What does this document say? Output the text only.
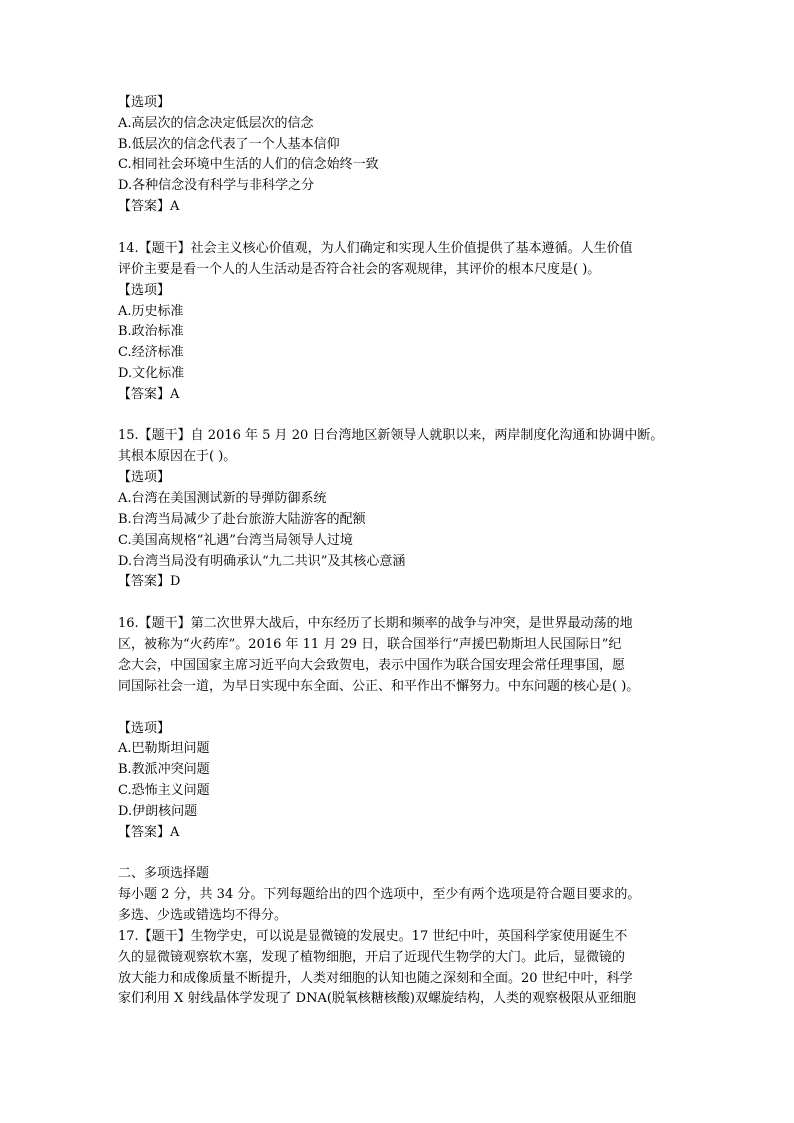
【选项】
A.高层次的信念决定低层次的信念
B.低层次的信念代表了一个人基本信仰
C.相同社会环境中生活的人们的信念始终一致
D.各种信念没有科学与非科学之分
【答案】A
14.【题干】社会主义核心价值观，为人们确定和实现人生价值提供了基本遵循。人生价值
评价主要是看一个人的人生活动是否符合社会的客观规律，其评价的根本尺度是( )。
【选项】
A.历史标准
B.政治标准
C.经济标准
D.文化标准
【答案】A
15.【题干】自 2016 年 5 月 20 日台湾地区新领导人就职以来，两岸制度化沟通和协调中断。
其根本原因在于( )。
【选项】
A.台湾在美国测试新的导弹防御系统
B.台湾当局减少了赴台旅游大陆游客的配额
C.美国高规格“礼遇”台湾当局领导人过境
D.台湾当局没有明确承认“九二共识”及其核心意涵
【答案】D
16.【题干】第二次世界大战后，中东经历了长期和频率的战争与冲突，是世界最动荡的地
区，被称为“火药库”。2016 年 11 月 29 日，联合国举行“声援巴勒斯坦人民国际日”纪
念大会，中国国家主席习近平向大会致贺电，表示中国作为联合国安理会常任理事国，愿
同国际社会一道，为早日实现中东全面、公正、和平作出不懈努力。中东问题的核心是( )。
【选项】
A.巴勒斯坦问题
B.教派冲突问题
C.恐怖主义问题
D.伊朗核问题
【答案】A
二、多项选择题
每小题 2 分，共 34 分。下列每题给出的四个选项中，至少有两个选项是符合题目要求的。
多选、少选或错选均不得分。
17.【题干】生物学史，可以说是显微镜的发展史。17 世纪中叶，英国科学家使用诞生不
久的显微镜观察软木塞，发现了植物细胞，开启了近现代生物学的大门。此后，显微镜的
放大能力和成像质量不断提升，人类对细胞的认知也随之深刻和全面。20 世纪中叶，科学
家们利用 X 射线晶体学发现了 DNA(脱氧核糖核酸)双螺旋结构，人类的观察极限从亚细胞
